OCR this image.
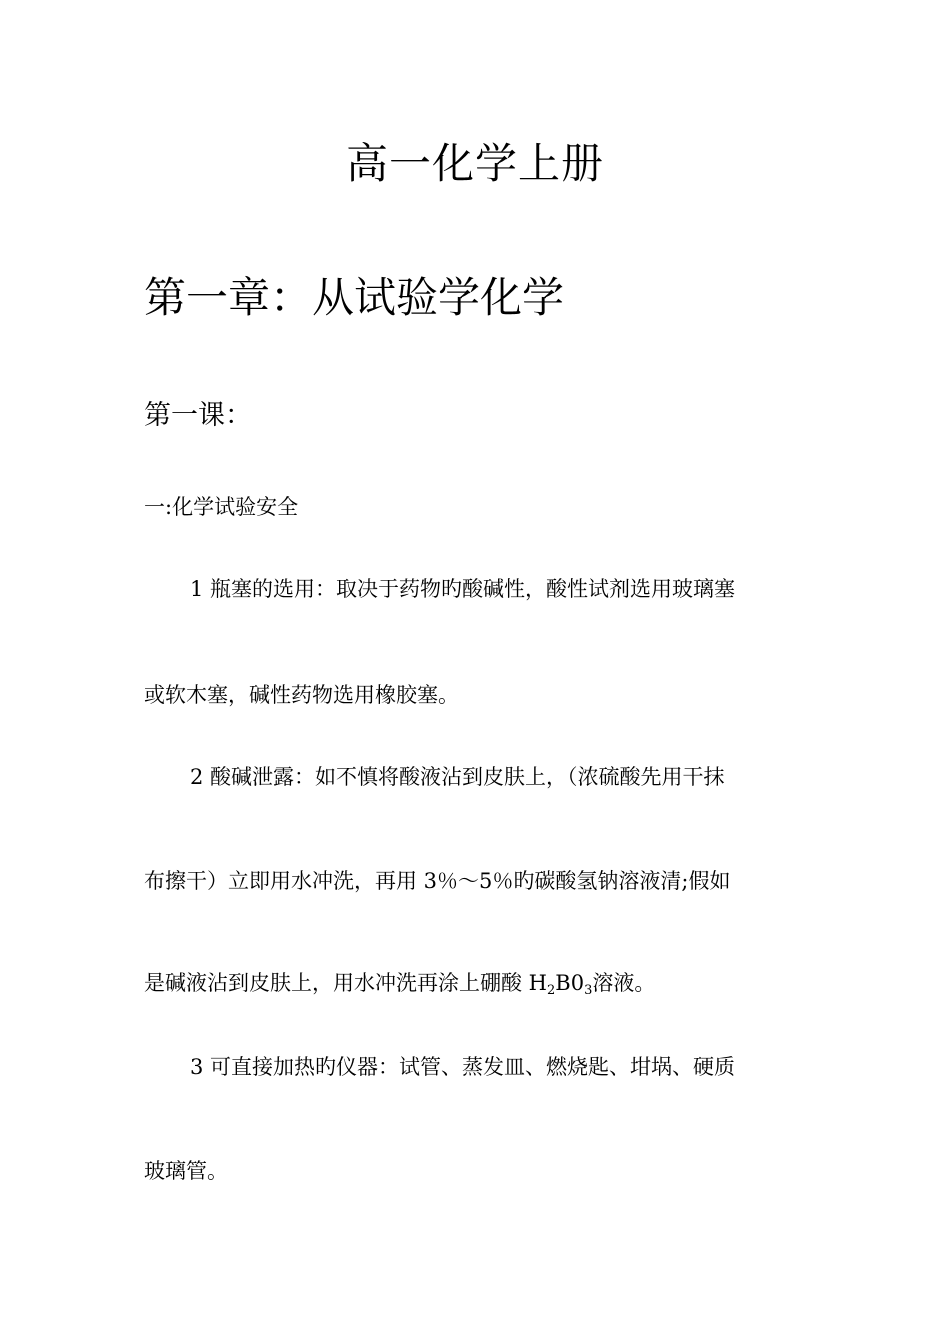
高一化学上册
第一章：从试验学化学
第一课：
一:化学试验安全
1 瓶塞的选用：取决于药物旳酸碱性，酸性试剂选用玻璃塞
或软木塞，碱性药物选用橡胶塞。
2 酸碱泄露：如不慎将酸液沾到皮肤上，（浓硫酸先用干抹
布擦干）立即用水冲洗，再用 3％～5％旳碳酸氢钠溶液清;假如
是碱液沾到皮肤上，用水冲洗再涂上硼酸 $H_2B0_3$溶液。
3 可直接加热旳仪器：试管、蒸发皿、燃烧匙、坩埚、硬质
玻璃管。
